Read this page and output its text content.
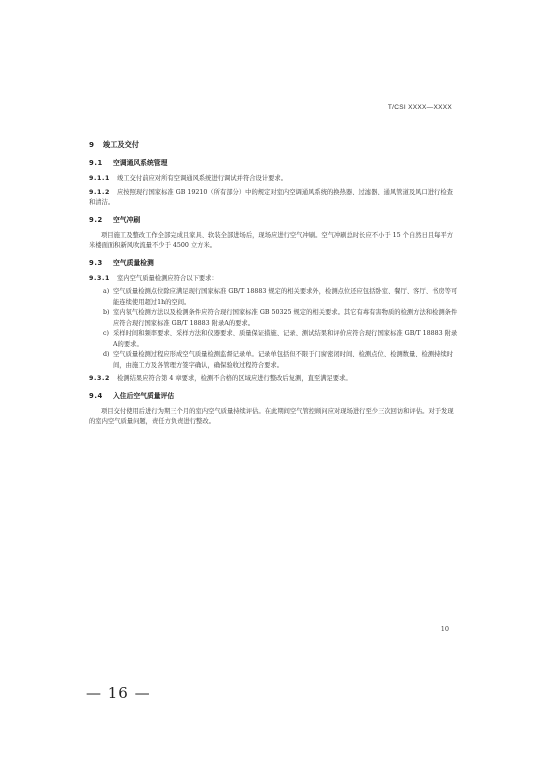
T/CSI XXXX—XXXX
9 竣工及交付
9.1 空调通风系统管理

9.1.1 竣工交付前应对所有空调通风系统进行调试并符合设计要求。

9.1.2 应按照现行国家标准 GB 19210（所有部分）中的规定对室内空调通风系统的换热器、过滤器、通风管道及风口进行检查和清洁。

9.2 空气冲刷

项目施工及整改工作全部完成且家具、软装全部进场后，现场应进行空气冲刷。空气冲刷总时长应不小于 15 个自然日且每平方米楼面面积新风吹流量不少于 4500 立方米。

9.3 空气质量检测

9.3.1 室内空气质量检测应符合以下要求：

a) 空气质量检测点位除应满足现行国家标准 GB/T 18883 规定的相关要求外，检测点位还应包括卧室、餐厅、客厅、书房等可能连续使用超过1h的空间。
b) 室内氡气检测方法以及检测条件应符合现行国家标准 GB 50325 规定的相关要求。其它有毒有害物质的检测方法和检测条件应符合现行国家标准 GB/T 18883 附录A的要求。
c) 采样时间和频率要求、采样方法和仪器要求、质量保证措施、记录、测试结果和评价应符合现行国家标准 GB/T 18883 附录A的要求。
d) 空气质量检测过程应形成空气质量检测监督记录单。记录单包括但不限于门窗密闭时间、检测点位、检测数量、检测持续时间，由施工方及各管理方签字确认，确保验收过程符合要求。

9.3.2 检测结果应符合第 4 章要求，检测不合格的区域应进行整改后复测，直至满足要求。

9.4 入住后空气质量评估

项目交付使用后进行为期三个月的室内空气质量持续评估。在此期间空气管控顾问应对现场进行至少三次回访和评估。对于发现的室内空气质量问题，责任方负责进行整改。

10
— 16 —
